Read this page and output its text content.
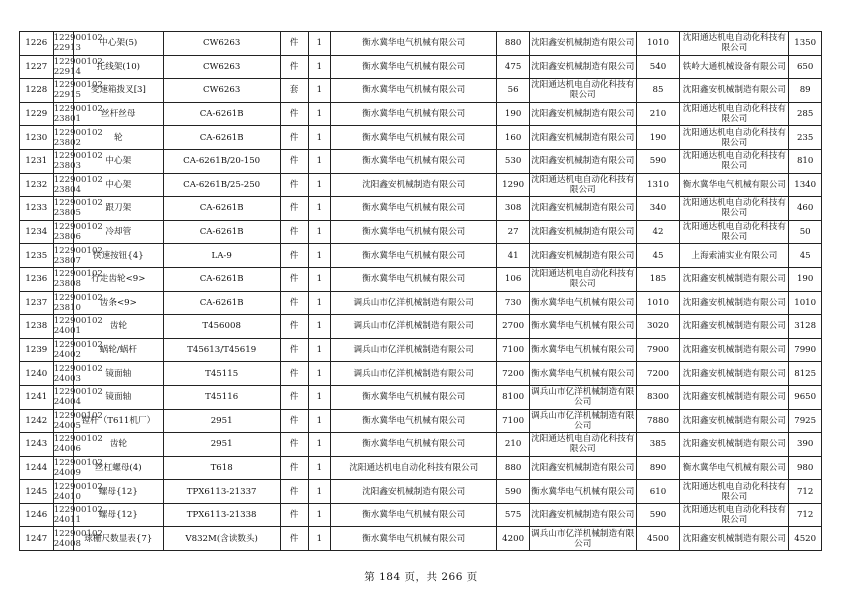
1226	122900102 22913	中心架(5)	CW6263	件	1	衡水冀华电气机械有限公司	880	沈阳鑫安机械制造有限公司	1010	沈阳通达机电自动化科技有限公司	1350
1227	122900102 22914	托线架(10)	CW6263	件	1	衡水冀华电气机械有限公司	475	沈阳鑫安机械制造有限公司	540	铁岭大通机械设备有限公司	650
1228	122900102 22915	变速箱拨叉[3]	CW6263	套	1	衡水冀华电气机械有限公司	56	沈阳通达机电自动化科技有限公司	85	沈阳鑫安机械制造有限公司	89
1229	122900102 23801	丝杆丝母	CA-6261B	件	1	衡水冀华电气机械有限公司	190	沈阳鑫安机械制造有限公司	210	沈阳通达机电自动化科技有限公司	285
1230	122900102 23802	轮	CA-6261B	件	1	衡水冀华电气机械有限公司	160	沈阳鑫安机械制造有限公司	190	沈阳通达机电自动化科技有限公司	235
1231	122900102 23803	中心架	CA-6261B/20-150	件	1	衡水冀华电气机械有限公司	530	沈阳鑫安机械制造有限公司	590	沈阳通达机电自动化科技有限公司	810
1232	122900102 23804	中心架	CA-6261B/25-250	件	1	沈阳鑫安机械制造有限公司	1290	沈阳通达机电自动化科技有限公司	1310	衡水冀华电气机械有限公司	1340
1233	122900102 23805	跟刀架	CA-6261B	件	1	衡水冀华电气机械有限公司	308	沈阳鑫安机械制造有限公司	340	沈阳通达机电自动化科技有限公司	460
1234	122900102 23806	冷却管	CA-6261B	件	1	衡水冀华电气机械有限公司	27	沈阳鑫安机械制造有限公司	42	沈阳通达机电自动化科技有限公司	50
1235	122900102 23807	快速按钮{4}	LA-9	件	1	衡水冀华电气机械有限公司	41	沈阳鑫安机械制造有限公司	45	上海索浦实业有限公司	45
1236	122900102 23808	行走齿轮<9>	CA-6261B	件	1	衡水冀华电气机械有限公司	106	沈阳通达机电自动化科技有限公司	185	沈阳鑫安机械制造有限公司	190
1237	122900102 23810	齿条<9>	CA-6261B	件	1	调兵山市亿洋机械制造有限公司	730	衡水冀华电气机械有限公司	1010	沈阳鑫安机械制造有限公司	1010
1238	122900102 24001	齿轮	T456008	件	1	调兵山市亿洋机械制造有限公司	2700	衡水冀华电气机械有限公司	3020	沈阳鑫安机械制造有限公司	3128
1239	122900102 24002	蜗轮/蜗杆	T45613/T45619	件	1	调兵山市亿洋机械制造有限公司	7100	衡水冀华电气机械有限公司	7900	沈阳鑫安机械制造有限公司	7990
1240	122900102 24003	镜面轴	T45115	件	1	调兵山市亿洋机械制造有限公司	7200	衡水冀华电气机械有限公司	7200	沈阳鑫安机械制造有限公司	8125
1241	122900102 24004	镜面轴	T45116	件	1	衡水冀华电气机械有限公司	8100	调兵山市亿洋机械制造有限公司	8300	沈阳鑫安机械制造有限公司	9650
1242	122900102 24005	镗杆（T611机厂）	2951	件	1	衡水冀华电气机械有限公司	7100	调兵山市亿洋机械制造有限公司	7880	沈阳鑫安机械制造有限公司	7925
1243	122900102 24006	齿轮	2951	件	1	衡水冀华电气机械有限公司	210	沈阳通达机电自动化科技有限公司	385	沈阳鑫安机械制造有限公司	390
1244	122900102 24009	丝杠螺母(4)	T618	件	1	沈阳通达机电自动化科技有限公司	880	沈阳鑫安机械制造有限公司	890	衡水冀华电气机械有限公司	980
1245	122900102 24010	螺母{12}	TPX6113-21337	件	1	沈阳鑫安机械制造有限公司	590	衡水冀华电气机械有限公司	610	沈阳通达机电自动化科技有限公司	712
1246	122900102 24011	螺母{12}	TPX6113-21338	件	1	衡水冀华电气机械有限公司	575	沈阳鑫安机械制造有限公司	590	沈阳通达机电自动化科技有限公司	712
1247	122900102 24008	球栅尺数显表{7}	V832M(含读数头)	件	1	衡水冀华电气机械有限公司	4200	调兵山市亿洋机械制造有限公司	4500	沈阳鑫安机械制造有限公司	4520
第 184 页，共 266 页
